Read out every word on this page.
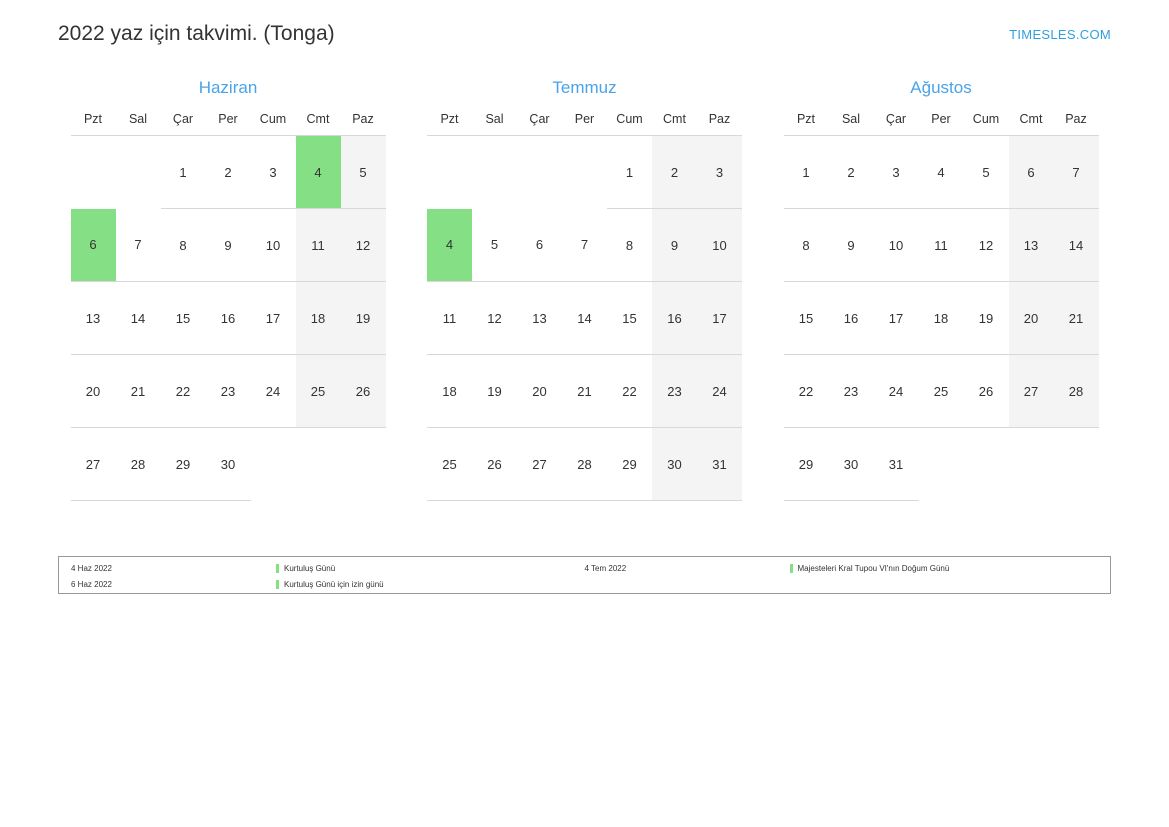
2022 yaz için takvimi. (Tonga)	TIMESLES.COM
Haziran
Pzt	Sal	Çar	Per	Cum	Cmt	Paz
		1	2	3	4	5
6	7	8	9	10	11	12
13	14	15	16	17	18	19
20	21	22	23	24	25	26
27	28	29	30			
Temmuz
Pzt	Sal	Çar	Per	Cum	Cmt	Paz
				1	2	3
4	5	6	7	8	9	10
11	12	13	14	15	16	17
18	19	20	21	22	23	24
25	26	27	28	29	30	31
Ağustos
Pzt	Sal	Çar	Per	Cum	Cmt	Paz
1	2	3	4	5	6	7
8	9	10	11	12	13	14
15	16	17	18	19	20	21
22	23	24	25	26	27	28
29	30	31				
4 Haz 2022	Kurtuluş Günü
6 Haz 2022	Kurtuluş Günü için izin günü
4 Tem 2022	Majesteleri Kral Tupou VI'nın Doğum Günü
